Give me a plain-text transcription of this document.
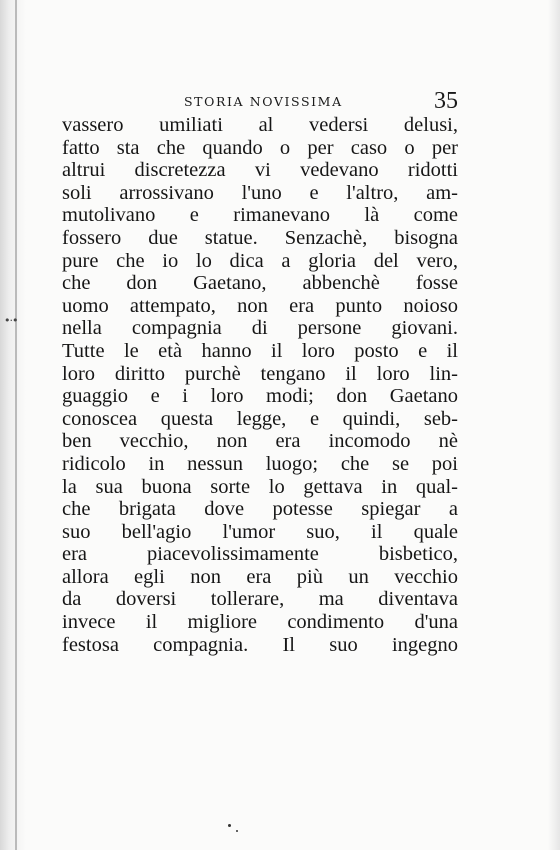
•·•
STORIA NOVISSIMA	35
vassero umiliati al vedersi delusi,
fatto sta che quando o per caso o per
altrui discretezza vi vedevano ridotti
soli arrossivano l'uno e l'altro, am-
mutolivano e rimanevano là come
fossero due statue. Senzachè, bisogna
pure che io lo dica a gloria del vero,
che don Gaetano, abbenchè fosse
uomo attempato, non era punto noioso
nella compagnia di persone giovani.
Tutte le età hanno il loro posto e il
loro diritto purchè tengano il loro lin-
guaggio e i loro modi; don Gaetano
conoscea questa legge, e quindi, seb-
ben vecchio, non era incomodo nè
ridicolo in nessun luogo; che se poi
la sua buona sorte lo gettava in qual-
che brigata dove potesse spiegar a
suo bell'agio l'umor suo, il quale
era piacevolissimamente bisbetico,
allora egli non era più un vecchio
da doversi tollerare, ma diventava
invece il migliore condimento d'una
festosa compagnia. Il suo ingegno
